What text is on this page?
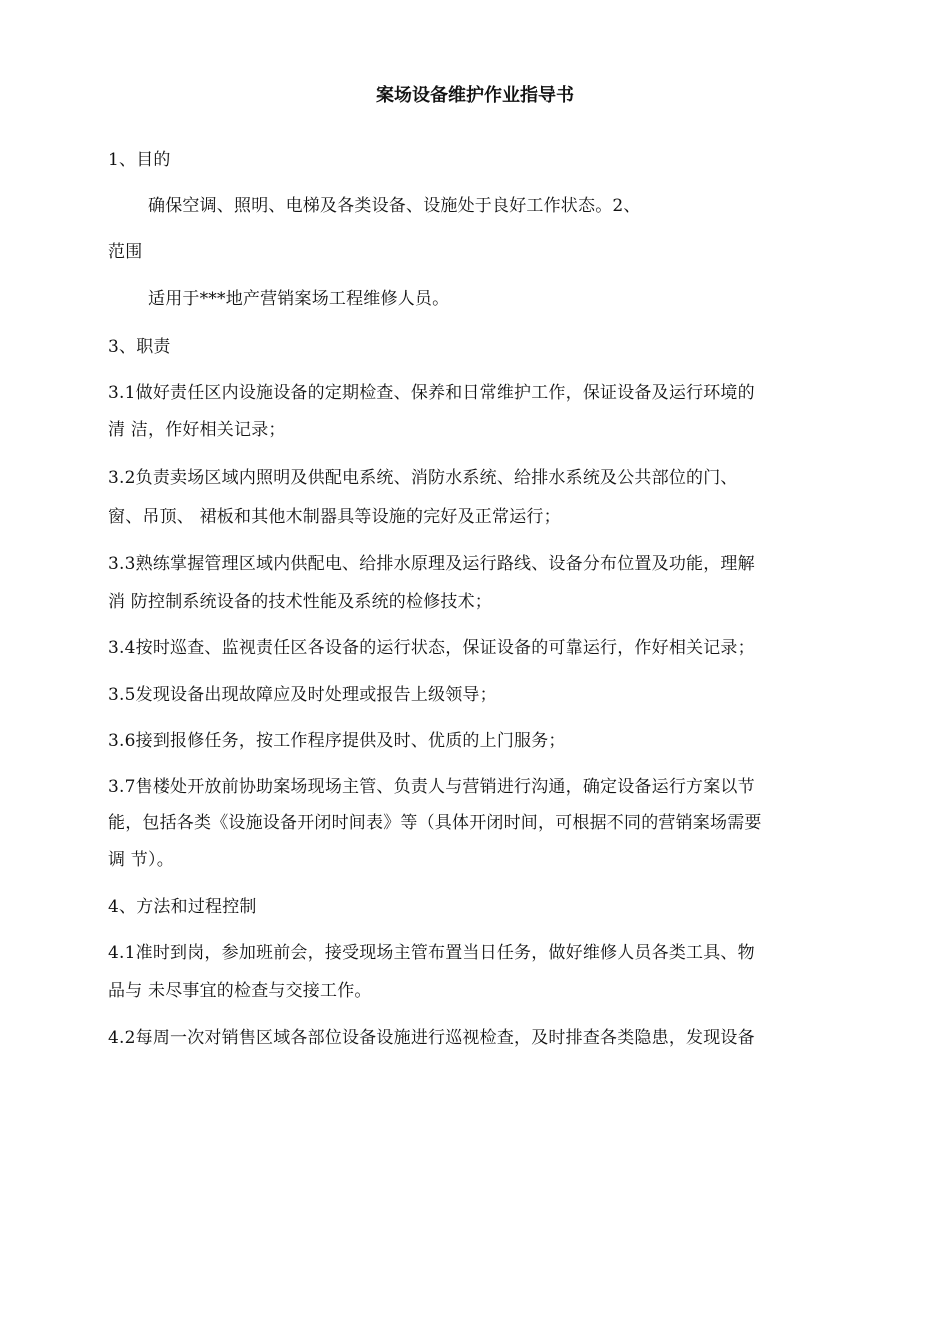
案场设备维护作业指导书
1、目的
确保空调、照明、电梯及各类设备、设施处于良好工作状态。2、
范围
适用于***地产营销案场工程维修人员。
3、职责
3.1做好责任区内设施设备的定期检查、保养和日常维护工作，保证设备及运行环境的
清 洁，作好相关记录；
3.2负责卖场区域内照明及供配电系统、消防水系统、给排水系统及公共部位的门、
窗、吊顶、 裙板和其他木制器具等设施的完好及正常运行；
3.3熟练掌握管理区域内供配电、给排水原理及运行路线、设备分布位置及功能，理解
消 防控制系统设备的技术性能及系统的检修技术；
3.4按时巡查、监视责任区各设备的运行状态，保证设备的可靠运行，作好相关记录；
3.5发现设备出现故障应及时处理或报告上级领导；
3.6接到报修任务，按工作程序提供及时、优质的上门服务；
3.7售楼处开放前协助案场现场主管、负责人与营销进行沟通，确定设备运行方案以节
能，包括各类《设施设备开闭时间表》等（具体开闭时间，可根据不同的营销案场需要
调 节）。
4、方法和过程控制
4.1准时到岗，参加班前会，接受现场主管布置当日任务，做好维修人员各类工具、物
品与 未尽事宜的检查与交接工作。
4.2每周一次对销售区域各部位设备设施进行巡视检查，及时排查各类隐患，发现设备
